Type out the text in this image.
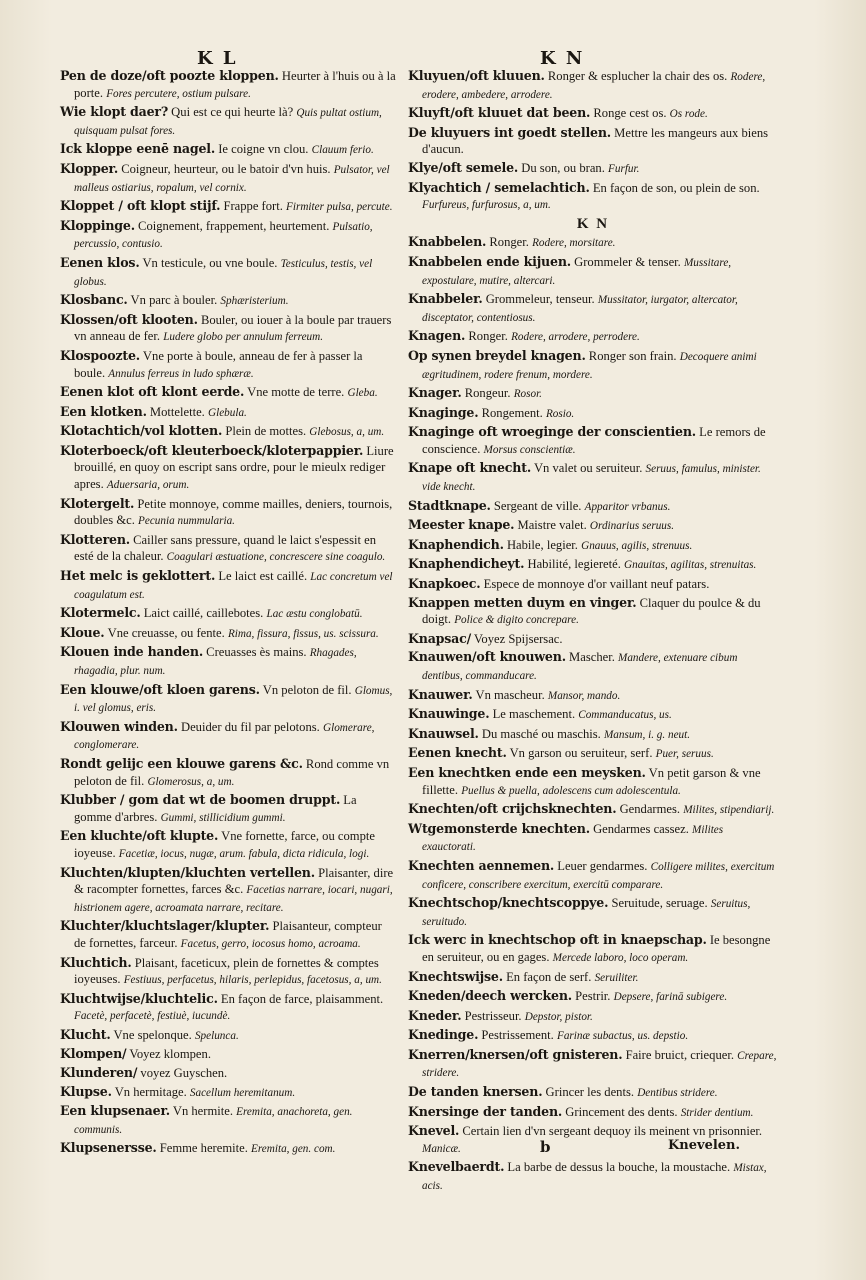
K L	K N
Pen de doze/oft poozte kloppen. Heurter à l'huis ou à la porte. Fores percutere, ostium pulsare.
Wie klopt daer? Qui est ce qui heurte là? Quis pultat ostium, quisquam pulsat fores.
Ick kloppe eenē nagel. Ie coigne vn clou. Clauum ferio.
Klopper. Coigneur, heurteur, ou le batoir d'vn huis. Pulsator, vel malleus ostiarius, ropalum, vel cornix.
Kloppet / oft klopt stijf. Frappe fort. Firmiter pulsa, percute.
Kloppinge. Coignement, frappement, heurtement. Pulsatio, percussio, contusio.
Eenen klos. Vn testicule, ou vne boule. Testiculus, testis, vel globus.
Klosbanc. Vn parc à bouler. Sphæristerium.
Klossen/oft klooten. Bouler, ou iouer à la boule par trauers vn anneau de fer. Ludere globo per annulum ferreum.
Klospoozte. Vne porte à boule, anneau de fer à passer la boule. Annulus ferreus in ludo sphæræ.
Eenen klot oft klont eerde. Vne motte de terre. Gleba.
Een klotken. Mottelette. Glebula.
Klotachtich/vol klotten. Plein de mottes. Glebosus, a, um.
Kloterboeck/oft kleuterboeck/kloterpappier. Liure brouillé, en quoy on escript sans ordre, pour le mieulx rediger apres. Aduersaria, orum.
Klotergelt. Petite monnoye, comme mailles, deniers, tournois, doubles &c. Pecunia nummularia.
Klotteren. Cailler sans pressure, quand le laict s'espessit en esté de la chaleur. Coagulari æstuatione, concrescere sine coagulo.
Het melc is geklottert. Le laict est caillé. Lac concretum vel coagulatum est.
Klotermelc. Laict caillé, caillebotes. Lac æstu conglobatū.
Klouе. Vne creuasse, ou fente. Rima, fissura, fissus, us. scissura.
Klouen inde handen. Creuasses ès mains. Rhagades, rhagadia, plur. num.
Een klouwe/oft kloen garens. Vn peloton de fil. Glomus, i. vel glomus, eris.
Klouwen winden. Deuider du fil par pelotons. Glomerare, conglomerare.
Rondt gelijc een klouwe garens &c. Rond comme vn peloton de fil. Glomerosus, a, um.
Klubber / gom dat wt de boomen druppt. La gomme d'arbres. Gummi, stillicidium gummi.
Een kluchte/oft klupte. Vne fornette, farce, ou compte ioyeuse. Facetiæ, iocus, nugæ, arum. fabula, dicta ridicula, logi.
Kluchten/klupten/kluchten vertellen. Plaisanter, dire & racompter fornettes, farces &c. Facetias narrare, iocari, nugari, histrionem agere, acroamata narrare, recitare.
Kluchter/kluchtslager/klupter. Plaisanteur, compteur de fornettes, farceur. Facetus, gerro, iocosus homo, acroama.
Kluchtich. Plaisant, faceticux, plein de fornettes & comptes ioyeuses. Festiuus, perfacetus, hilaris, perlepidus, facetosus, a, um.
Kluchtwijse/kluchtelic. En façon de farce, plaisamment. Facetè, perfacetè, festiuè, iucundè.
Klucht. Vne spelonque. Spelunca.
Klompen/ Voyez klompen.
Klunderen/ voyez Guyschen.
Klupse. Vn hermitage. Sacellum heremitanum.
Een klupsenaer. Vn hermite. Eremita, anachoreta, gen. communis.
Klupsenersse. Femme heremite. Eremita, gen. com.
Kluyuen/oft kluuen. Ronger & esplucher la chair des os. Rodere, erodere, ambedere, arrodere.
Kluyft/oft kluuet dat been. Ronge cest os. Os rode.
De kluyuers int goedt stellen. Mettre les mangeurs aux biens d'aucun.
Klye/oft semele. Du son, ou bran. Furfur.
Klyachtich / semelachtich. En façon de son, ou plein de son. Furfureus, furfurosus, a, um.
K N
Knabbelen. Ronger. Rodere, morsitare.
Knabbelen ende kijuen. Grommeler & tenser. Mussitare, expostulare, mutire, altercari.
Knabbeler. Grommeleur, tenseur. Mussitator, iurgator, altercator, disceptator, contentiosus.
Knagen. Ronger. Rodere, arrodere, perrodere.
Op synen breydel knagen. Ronger son frain. Decoquere animi ægritudinem, rodere frenum, mordere.
Knager. Rongeur. Rosor.
Knaginge. Rongement. Rosio.
Knaginge oft wroeginge der conscientien. Le remors de conscience. Morsus conscientiæ.
Knape oft knecht. Vn valet ou seruiteur. Seruus, famulus, minister. vide knecht.
Stadtknape. Sergeant de ville. Apparitor vrbanus.
Meester knape. Maistre valet. Ordinarius seruus.
Knaphendich. Habile, legier. Gnauus, agilis, strenuus.
Knaphendicheyt. Habilité, legiereté. Gnauitas, agilitas, strenuitas.
Knapkoec. Espece de monnoye d'or vaillant neuf patars.
Knappen metten duym en vinger. Claquer du poulce & du doigt. Police & digito concrepare.
Knapsac/ Voyez Spijsersac.
Knauwen/oft knouwen. Mascher. Mandere, extenuare cibum dentibus, commanducare.
Knauwer. Vn mascheur. Mansor, mando.
Knauwinge. Le maschement. Commanducatus, us.
Knauwsel. Du masché ou maschis. Mansum, i. g. neut.
Eenen knecht. Vn garson ou seruiteur, serf. Puer, seruus.
Een knechtken ende een meysken. Vn petit garson & vne fillette. Puellus & puella, adolescens cum adolescentula.
Knechten/oft crijchsknechten. Gendarmes. Milites, stipendiarij.
Wtgemonsterde knechten. Gendarmes cassez. Milites exauctorati.
Knechten aennemen. Leuer gendarmes. Colligere milites, exercitum conficere, conscribere exercitum, exercitū comparare.
Knechtschop/knechtscoppye. Seruitude, seruage. Seruitus, seruitudo.
Ick werc in knechtschop oft in knaepschap. Ie besongne en seruiteur, ou en gages. Mercede laboro, loco operam.
Knechtswijse. En façon de serf. Seruiliter.
Kneden/deech wercken. Pestrir. Depsere, farinā subigere.
Kneder. Pestrisseur. Depstor, pistor.
Knedinge. Pestrissement. Farinæ subactus, us. depstio.
Knerren/knersen/oft gnisteren. Faire bruict, criequer. Crepare, stridere.
De tanden knersen. Grincer les dents. Dentibus stridere.
Knersinge der tanden. Grincement des dents. Strider dentium.
Knevel. Certain lien d'vn sergeant dequoy ils meinent vn prisonnier. Manicæ.
Knevelbaerdt. La barbe de dessus la bouche, la moustache. Mistax, acis.
b	Knevelen.
